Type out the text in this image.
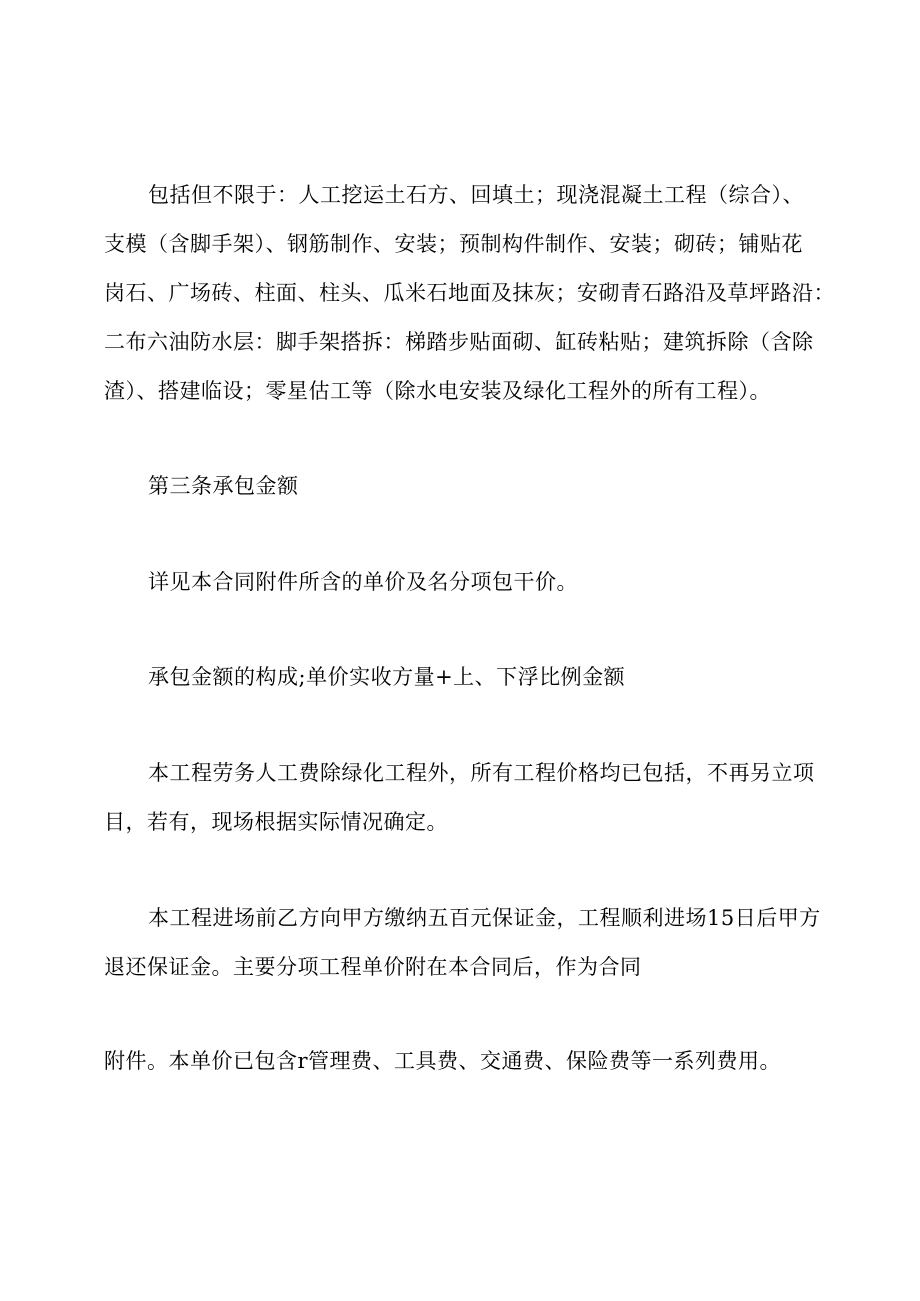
包括但不限于：人工挖运土石方、回填土；现浇混凝土工程（综合）、
支模（含脚手架）、钢筋制作、安装；预制构件制作、安装；砌砖；铺贴花
岗石、广场砖、柱面、柱头、瓜米石地面及抹灰；安砌青石路沿及草坪路沿：
二布六油防水层：脚手架搭拆：梯踏步贴面砌、缸砖粘贴；建筑拆除（含除
渣）、搭建临设；零星估工等（除水电安装及绿化工程外的所有工程）。

第三条承包金额

详见本合同附件所含的单价及名分项包干价。

承包金额的构成;单价实收方量+上、下浮比例金额

本工程劳务人工费除绿化工程外，所有工程价格均已包括，不再另立项
目，若有，现场根据实际情况确定。

本工程进场前乙方向甲方缴纳五百元保证金，工程顺利进场15日后甲方
退还保证金。主要分项工程单价附在本合同后，作为合同

附件。本单价已包含r管理费、工具费、交通费、保险费等一系列费用。
